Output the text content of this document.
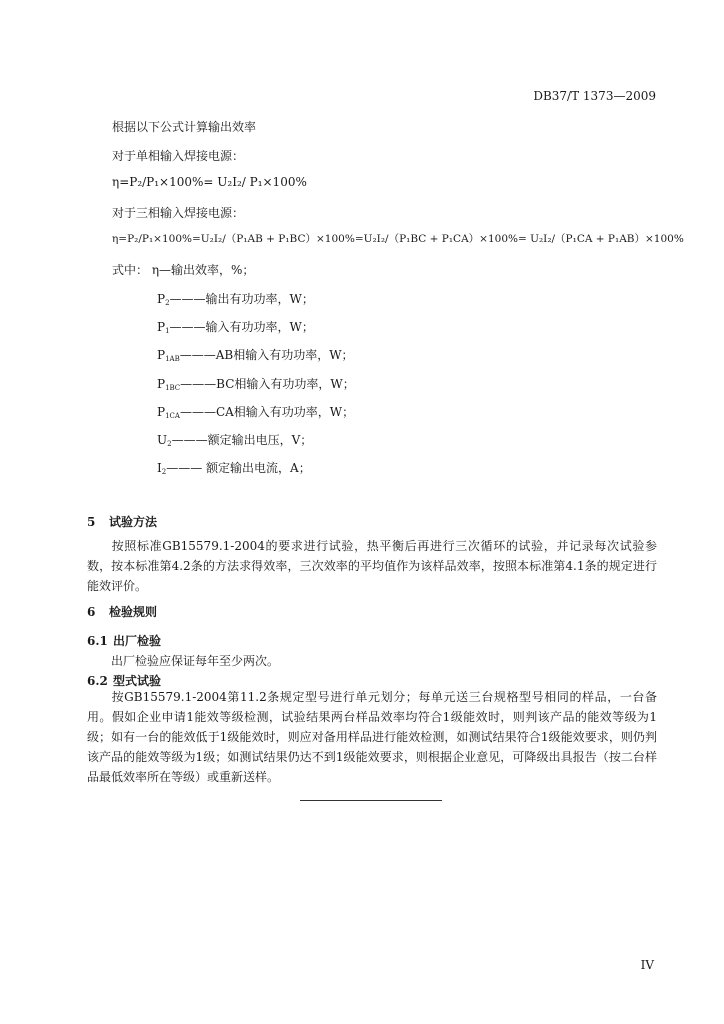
DB37/T 1373—2009
根据以下公式计算输出效率
对于单相输入焊接电源：
η=P₂/P₁×100%= U₂I₂/ P₁×100%
对于三相输入焊接电源：
η=P₂/P₁×100%=U₂I₂/（P₁AB + P₁BC）×100%=U₂I₂/（P₁BC + P₁CA）×100%= U₂I₂/（P₁CA + P₁AB）×100%
式中： η—输出效率，%；
$P_2———$输出有功功率，W；
$P_1———$输入有功功率，W；
$P_{1AB}———AB$相输入有功功率，W；
$P_{1BC}———BC$相输入有功功率，W；
$P_{1CA}———CA$相输入有功功率，W；
$U_2———$额定输出电压，V；
$I_2———$ 额定输出电流，A；
5 试验方法
按照标准GB15579.1-2004的要求进行试验，热平衡后再进行三次循环的试验，并记录每次试验参数，按本标准第4.2条的方法求得效率，三次效率的平均值作为该样品效率，按照本标准第4.1条的规定进行能效评价。
6 检验规则
6.1 出厂检验
出厂检验应保证每年至少两次。
6.2 型式试验
按GB15579.1-2004第11.2条规定型号进行单元划分；每单元送三台规格型号相同的样品，一台备用。假如企业申请1能效等级检测，试验结果两台样品效率均符合1级能效时，则判该产品的能效等级为1级；如有一台的能效低于1级能效时，则应对备用样品进行能效检测，如测试结果符合1级能效要求，则仍判该产品的能效等级为1级；如测试结果仍达不到1级能效要求，则根据企业意见，可降级出具报告（按二台样品最低效率所在等级）或重新送样。
IV
